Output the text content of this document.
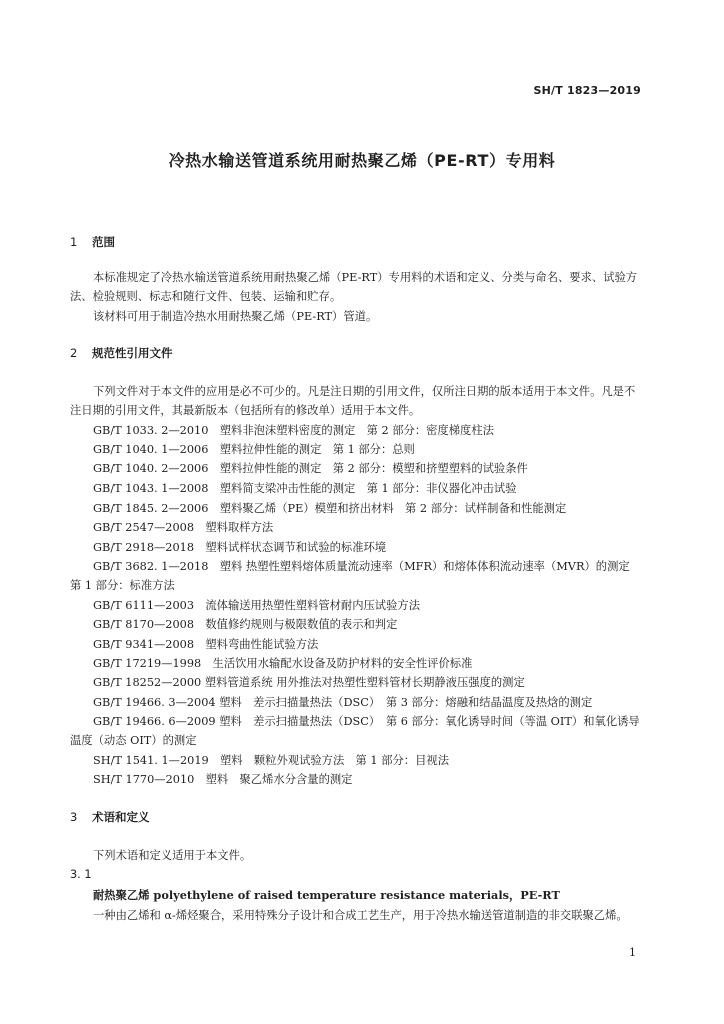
SH/T 1823—2019
冷热水输送管道系统用耐热聚乙烯（PE-RT）专用料
1 范围

本标准规定了冷热水输送管道系统用耐热聚乙烯（PE-RT）专用料的术语和定义、分类与命名、要求、试验方法、检验规则、标志和随行文件、包装、运输和贮存。

该材料可用于制造冷热水用耐热聚乙烯（PE-RT）管道。

2 规范性引用文件

下列文件对于本文件的应用是必不可少的。凡是注日期的引用文件，仅所注日期的版本适用于本文件。凡是不注日期的引用文件，其最新版本（包括所有的修改单）适用于本文件。

GB/T 1033. 2—2010　塑料非泡沫塑料密度的测定　第 2 部分：密度梯度柱法
GB/T 1040. 1—2006　塑料拉伸性能的测定　第 1 部分：总则
GB/T 1040. 2—2006　塑料拉伸性能的测定　第 2 部分：模塑和挤塑塑料的试验条件
GB/T 1043. 1—2008　塑料简支梁冲击性能的测定　第 1 部分：非仪器化冲击试验
GB/T 1845. 2—2006　塑料聚乙烯（PE）模塑和挤出材料　第 2 部分：试样制备和性能测定
GB/T 2547—2008　塑料取样方法
GB/T 2918—2018　塑料试样状态调节和试验的标准环境
GB/T 3682. 1—2018　塑料 热塑性塑料熔体质量流动速率（MFR）和熔体体积流动速率（MVR）的测定 第 1 部分：标准方法
GB/T 6111—2003　流体输送用热塑性塑料管材耐内压试验方法
GB/T 8170—2008　数值修约规则与极限数值的表示和判定
GB/T 9341—2008　塑料弯曲性能试验方法
GB/T 17219—1998　生活饮用水输配水设备及防护材料的安全性评价标准
GB/T 18252—2000 塑料管道系统 用外推法对热塑性塑料管材长期静液压强度的测定
GB/T 19466. 3—2004 塑料　差示扫描量热法（DSC）　第 3 部分：熔融和结晶温度及热焓的测定
GB/T 19466. 6—2009 塑料　差示扫描量热法（DSC）　第 6 部分：氧化诱导时间（等温 OIT）和氧化诱导温度（动态 OIT）的测定
SH/T 1541. 1—2019　塑料　颗粒外观试验方法　第 1 部分：目视法
SH/T 1770—2010　塑料　聚乙烯水分含量的测定
3 术语和定义

下列术语和定义适用于本文件。

3. 1
耐热聚乙烯 polyethylene of raised temperature resistance materials，PE-RT

一种由乙烯和 α-烯烃聚合，采用特殊分子设计和合成工艺生产，用于冷热水输送管道制造的非交联聚乙烯。

1
